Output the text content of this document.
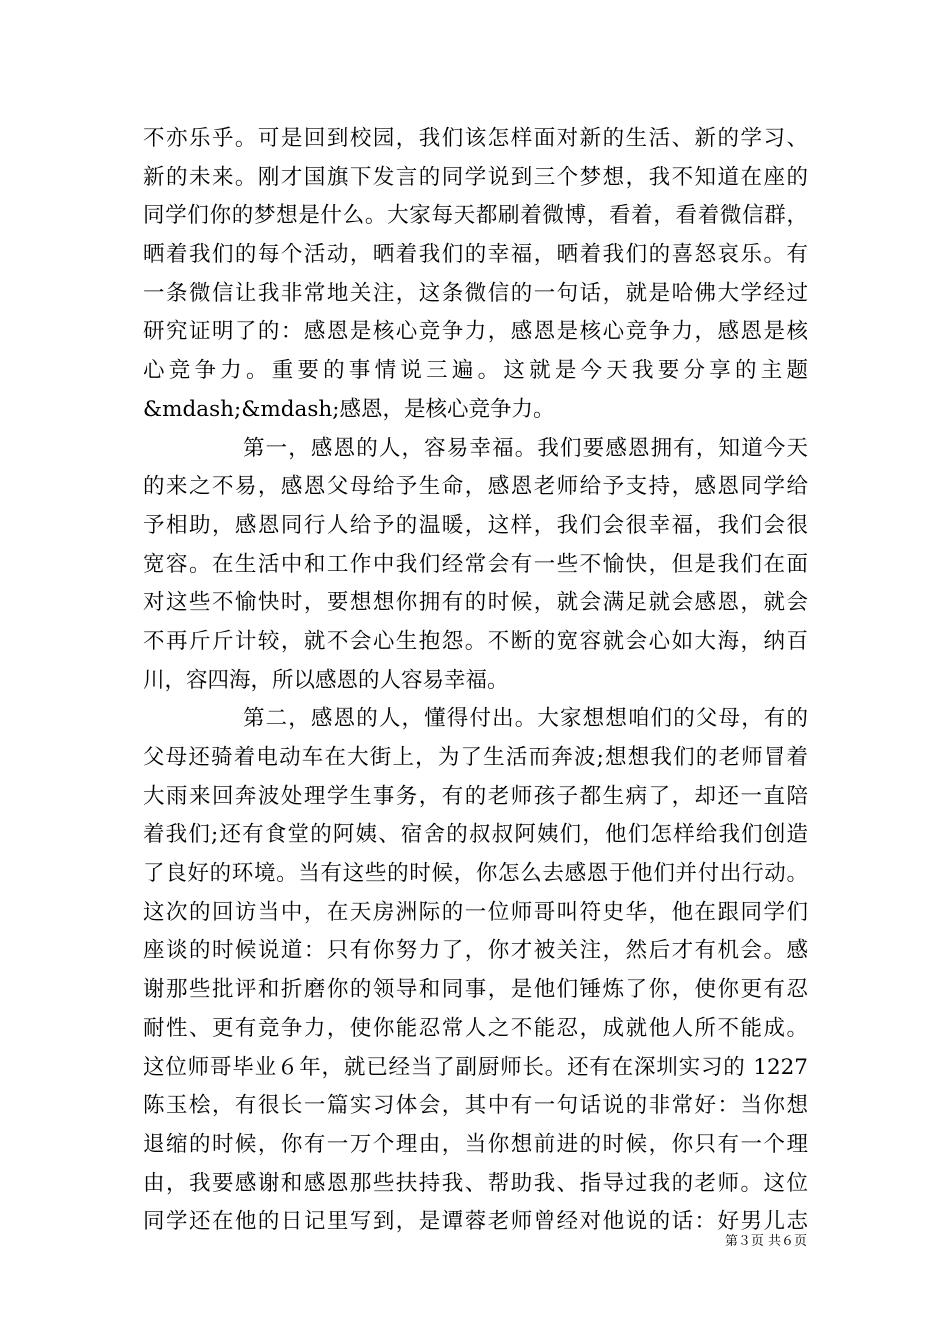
不亦乐乎。可是回到校园，我们该怎样面对新的生活、新的学习、
新的未来。刚才国旗下发言的同学说到三个梦想，我不知道在座的
同学们你的梦想是什么。大家每天都刷着微博，看着，看着微信群，
晒着我们的每个活动，晒着我们的幸福，晒着我们的喜怒哀乐。有
一条微信让我非常地关注，这条微信的一句话，就是哈佛大学经过
研究证明了的：感恩是核心竞争力，感恩是核心竞争力，感恩是核
心竞争力。重要的事情说三遍。这就是今天我要分享的主题
&mdash;&mdash;感恩，是核心竞争力。
第一，感恩的人，容易幸福。我们要感恩拥有，知道今天
的来之不易，感恩父母给予生命，感恩老师给予支持，感恩同学给
予相助，感恩同行人给予的温暖，这样，我们会很幸福，我们会很
宽容。在生活中和工作中我们经常会有一些不愉快，但是我们在面
对这些不愉快时，要想想你拥有的时候，就会满足就会感恩，就会
不再斤斤计较，就不会心生抱怨。不断的宽容就会心如大海，纳百
川，容四海，所以感恩的人容易幸福。
第二，感恩的人，懂得付出。大家想想咱们的父母，有的
父母还骑着电动车在大街上，为了生活而奔波;想想我们的老师冒着
大雨来回奔波处理学生事务，有的老师孩子都生病了，却还一直陪
着我们;还有食堂的阿姨、宿舍的叔叔阿姨们，他们怎样给我们创造
了良好的环境。当有这些的时候，你怎么去感恩于他们并付出行动。
这次的回访当中，在天房洲际的一位师哥叫符史华，他在跟同学们
座谈的时候说道：只有你努力了，你才被关注，然后才有机会。感
谢那些批评和折磨你的领导和同事，是他们锤炼了你，使你更有忍
耐性、更有竞争力，使你能忍常人之不能忍，成就他人所不能成。
这位师哥毕业６年，就已经当了副厨师长。还有在深圳实习的 1227
陈玉桧，有很长一篇实习体会，其中有一句话说的非常好：当你想
退缩的时候，你有一万个理由，当你想前进的时候，你只有一个理
由，我要感谢和感恩那些扶持我、帮助我、指导过我的老师。这位
同学还在他的日记里写到，是谭蓉老师曾经对他说的话：好男儿志
第３页 共６页
